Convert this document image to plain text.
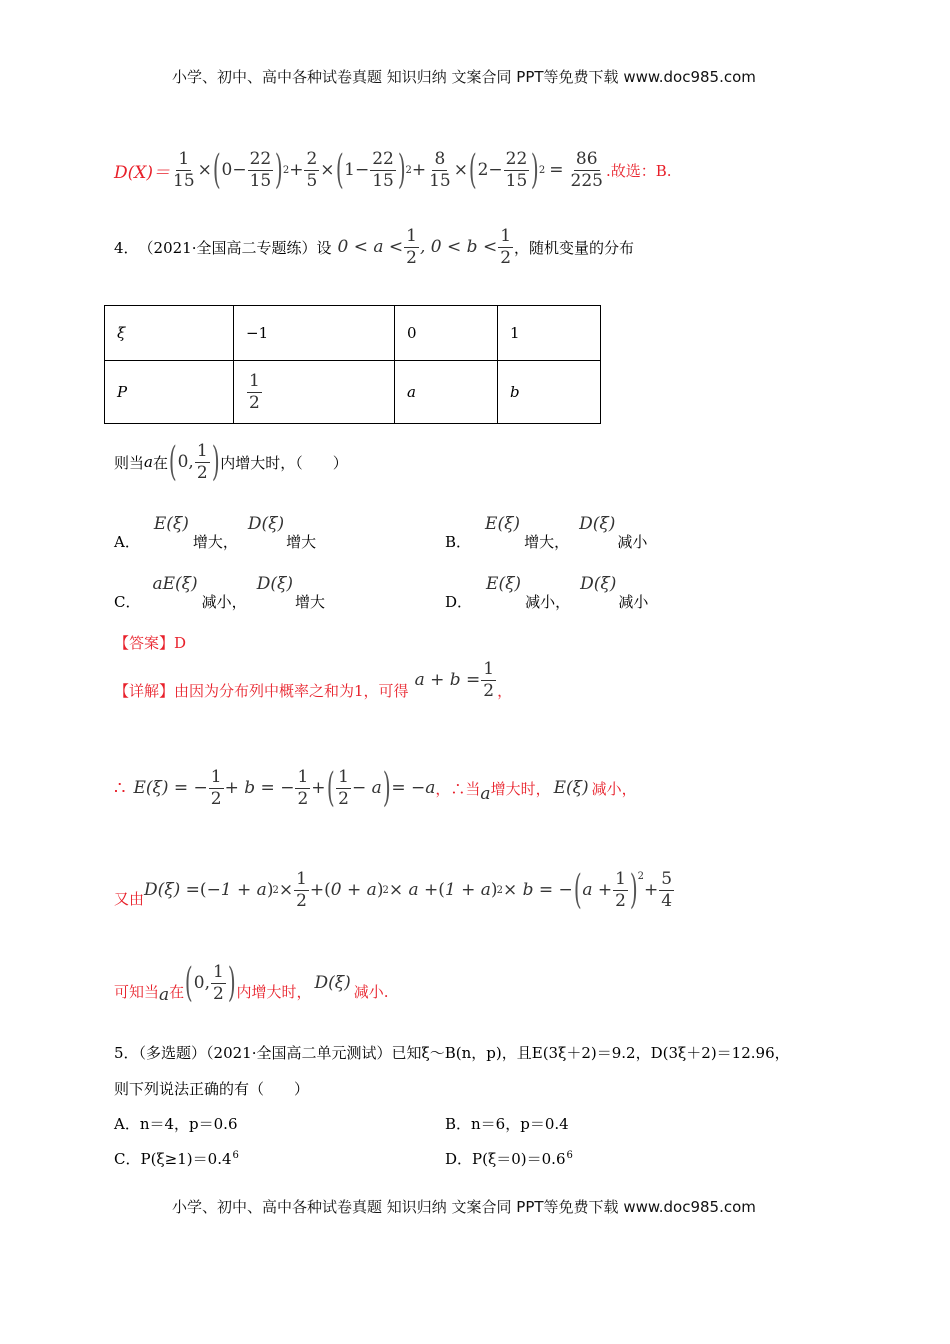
小学、初中、高中各种试卷真题 知识归纳 文案合同 PPT等免费下载 www.doc985.com
$D(X)= \frac{1}{15}$ × ( $0- \frac{22}{15}$ ) $2 + \frac{2}{5}$ × ( $1- \frac{22}{15}$ ) $2 + \frac{8}{15}$ × ( $2- \frac{22}{15}$ ) $2 = \frac{86}{225}$ .故选：B.
4． （2021·全国高二专题练）设 $0 < a < \frac{1}{2}$ , $0 < b < \frac{1}{2}$ ，随机变量的分布
ξ	−1	0	1
P	$\frac{1}{2}$	a	b
则当 a 在 ( 0, $\frac{1}{2}$ ) 内增大时，（　　）
A．
E(ξ)
增大，
D(ξ)
增大	B．
E(ξ)
增大，
D(ξ)
减小
C．
aE(ξ)
减小，
D(ξ)
增大	D．
E(ξ)
减小，
D(ξ)
减小
【答案】D
【详解】 由因为分布列中概率之和为1，可得
$a + b = \frac{1}{2}$ ，
∴ E(ξ) = − $\frac{1}{2} + b$ = − $\frac{1}{2}$ + ( $\frac{1}{2} - a$ ) = −a ，∴当 a 增大时， E(ξ) 减小，
又由 D(ξ) = ( −1 + a ) $2 \times \frac{1}{2}$ + ( 0 + a ) 2 × a + ( 1 + a ) 2 × b = − ( $a + \frac{1}{2}$ ) 2
+ $\frac{5}{4}$
可知当 a 在 ( 0, $\frac{1}{2}$ ) 内增大时， D(ξ) 减小.
5．（多选题）（2021·全国高二单元测试）已知ξ～B(n，p)，且E(3ξ＋2)＝9.2，D(3ξ＋2)＝12.96，
则下列说法正确的有（　　）
A．n＝4，p＝0.6	B．n＝6，p＝0.4
C．$P(\xi\ge 1)=0.4^6$	D．$P(\xi=0)=0.6^6$
小学、初中、高中各种试卷真题 知识归纳 文案合同 PPT等免费下载 www.doc985.com
